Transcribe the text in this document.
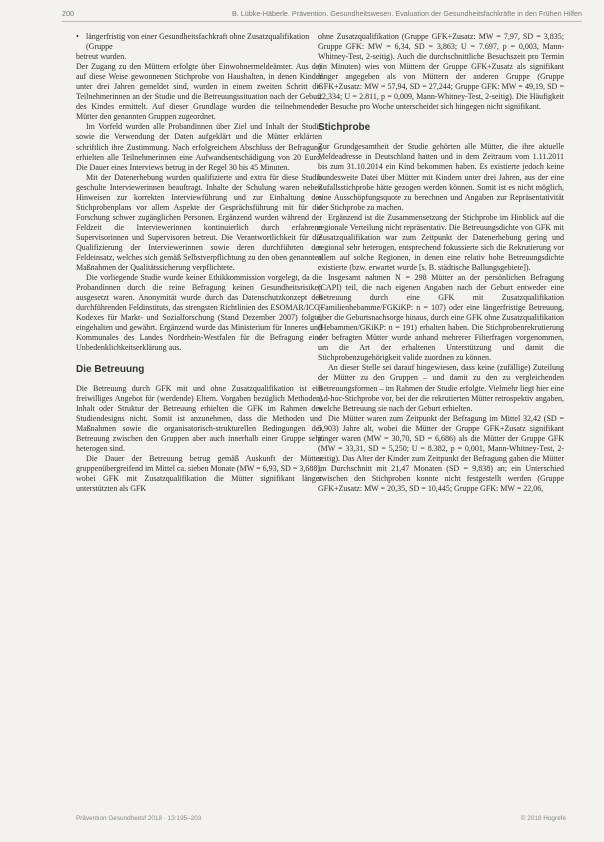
200	B. Lübke-Häberle. Prävention. Gesundheitswesen. Evaluation der Gesundheitsfachkräfte in den Frühen Hilfen
• längerfristig von einer Gesundheitsfachkraft ohne Zusatzqualifikation (Gruppe

betreut wurden.

Der Zugang zu den Müttern erfolgte über Einwohnermeldeämter. Aus der auf diese Weise gewonnenen Stichprobe von Haushalten, in denen Kinder unter drei Jahren gemeldet sind, wurden in einem zweiten Schritt die Teilnehmerinnen an der Studie und die Betreuungssituation nach der Geburt des Kindes ermittelt. Auf dieser Grundlage wurden die teilnehmenden Mütter den genannten Gruppen zugeordnet.

Im Vorfeld wurden alle Probandinnen über Ziel und Inhalt der Studie sowie die Verwendung der Daten aufgeklärt und die Mütter erklärten schriftlich ihre Zustimmung. Nach erfolgreichem Abschluss der Befragung erhielten alle Teilnehmerinnen eine Aufwandsentschädigung von 20 Euro. Die Dauer eines Interviews betrug in der Regel 30 bis 45 Minuten.

Mit der Datenerhebung wurden qualifizierte und extra für diese Studie geschulte Interviewerinnen beauftragt. Inhalte der Schulung waren neben Hinweisen zur korrekten Interviewführung und zur Einhaltung des Stichprobenplans vor allem Aspekte der Gesprächsführung mit für die Forschung schwer zugänglichen Personen. Ergänzend wurden während der Feldzeit die Interviewerinnen kontinuierlich durch erfahrene Supervisorinnen und Supervisoren betreut. Die Verantwortlichkeit für die Qualifizierung der Interviewerinnen sowie deren durchführten des Feldeinsatz, welches sich gemäß Selbstverpflichtung zu den oben genannten Maßnahmen der Qualitätssicherung verpflichtete.

Die vorliegende Studie wurde keiner Ethikkommission vorgelegt, da die Probandinnen durch die reine Befragung keinen Gesundheitsrisiken ausgesetzt waren. Anonymität wurde durch das Datenschutzkonzept des durchführenden Feldinstituts, das strengsten Richtlinien des ESOMAR/ICC-Kodexes für Markt- und Sozialforschung (Stand Dezember 2007) folgte, eingehalten und gewährt. Ergänzend wurde das Ministerium für Inneres und Kommunales des Landes Nordrhein-Westfalen für die Befragung eine Unbedenklichkeitserklärung aus.

Die Betreuung

Die Betreuung durch GFK mit und ohne Zusatzqualifikation ist ein freiwilliges Angebot für (werdende) Eltern. Vorgaben bezüglich Methoden, Inhalt oder Struktur der Betreuung erhielten die GFK im Rahmen des Studiendesigns nicht. Somit ist anzunehmen, dass die Methoden und Maßnahmen sowie die organisatorisch-strukturellen Bedingungen der Betreuung zwischen den Gruppen aber auch innerhalb einer Gruppe sehr heterogen sind.

Die Dauer der Betreuung betrug gemäß Auskunft der Mütter gruppenübergreifend im Mittel ca. sieben Monate (MW = 6,93, SD = 3,688), wobei GFK mit Zusatzqualifikation die Mütter signifikant länger unterstützten als GFK

ohne Zusatzqualifikation (Gruppe GFK+Zusatz: MW = 7,97, SD = 3,835; Gruppe GFK: MW = 6,34, SD = 3,863; U = 7.697, p = 0,003, Mann-Whitney-Test, 2-seitig). Auch die durchschnittliche Besuchszeit pro Termin (in Minuten) wies von Müttern der Gruppe GFK+Zusatz als signifikant länger angegeben als von Müttern der anderen Gruppe (Gruppe GFK+Zusatz: MW = 57,94, SD = 27,244; Gruppe GFK: MW = 49,19, SD = 22,334; U = 2.811, p = 0,009, Mann-Whitney-Test, 2-seitig). Die Häufigkeit der Besuche pro Woche unterscheidet sich hingegen nicht signifikant.

Stichprobe

Zur Grundgesamtheit der Studie gehörten alle Mütter, die ihre aktuelle Meldeadresse in Deutschland hatten und in dem Zeitraum vom 1.11.2011 bis zum 31.10.2014 ein Kind bekommen haben. Es existierte jedoch keine bundesweite Datei über Mütter mit Kindern unter drei Jahren, aus der eine Zufallsstichprobe hätte gezogen werden können. Somit ist es nicht möglich, eine Ausschöpfungsquote zu berechnen und Angaben zur Repräsentativität der Stichprobe zu machen.

Ergänzend ist die Zusammensetzung der Stichprobe im Hinblick auf die regionale Verteilung nicht repräsentativ. Die Betreuungsdichte von GFK mit Zusatzqualifikation war zum Zeitpunkt der Datenerhebung gering und regional sehr heterogen, entsprechend fokussierte sich die Rekrutierung vor allem auf solche Regionen, in denen eine relativ hohe Betreuungsdichte existierte (bzw. erwartet wurde [s. B. städtische Ballungsgebiete]).

Insgesamt nahmen N = 298 Mütter an der persönlichen Befragung (CAPI) teil, die nach eigenen Angaben nach der Geburt entweder eine Betreuung durch eine GFK mit Zusatzqualifikation (Familienhebamme/FGKiKP: n = 107) oder eine längerfristige Betreuung, über die Geburtsnachsorge hinaus, durch eine GFK ohne Zusatzqualifikation (Hebammen/GKiKP: n = 191) erhalten haben. Die Stichprobenrekrutierung der befragten Mütter wurde anhand mehrerer Filterfragen vorgenommen, um die Art der erhaltenen Unterstützung und damit die Stichprobenzugehörigkeit valide zuordnen zu können.

An dieser Stelle sei darauf hingewiesen, dass keine (zufällige) Zuteilung der Mütter zu den Gruppen – und damit zu den zu vergleichenden Betreuungsformen – im Rahmen der Studie erfolgte. Vielmehr liegt hier eine Ad-hoc-Stichprobe vor, bei der die rekrutierten Mütter retrospektiv angaben, welche Betreuung sie nach der Geburt erhielten.

Die Mütter waren zum Zeitpunkt der Befragung im Mittel 32,42 (SD = 5,903) Jahre alt, wobei die Mütter der Gruppe GFK+Zusatz signifikant jünger waren (MW = 30,70, SD = 6,686) als die Mütter der Gruppe GFK (MW = 33,31, SD = 5,250; U = 8.382, p = 0,001, Mann-Whitney-Test, 2-seitig). Das Alter der Kinder zum Zeitpunkt der Befragung gaben die Mütter im Durchschnitt mit 21,47 Monaten (SD = 9,838) an; ein Unterschied zwischen den Stichproben konnte nicht festgestellt werden (Gruppe GFK+Zusatz: MW = 20,35, SD = 10,445; Gruppe GFK: MW = 22,06,

Prävention Gesundheitsf 2018 · 13:195–203	© 2018 Hogrefe
